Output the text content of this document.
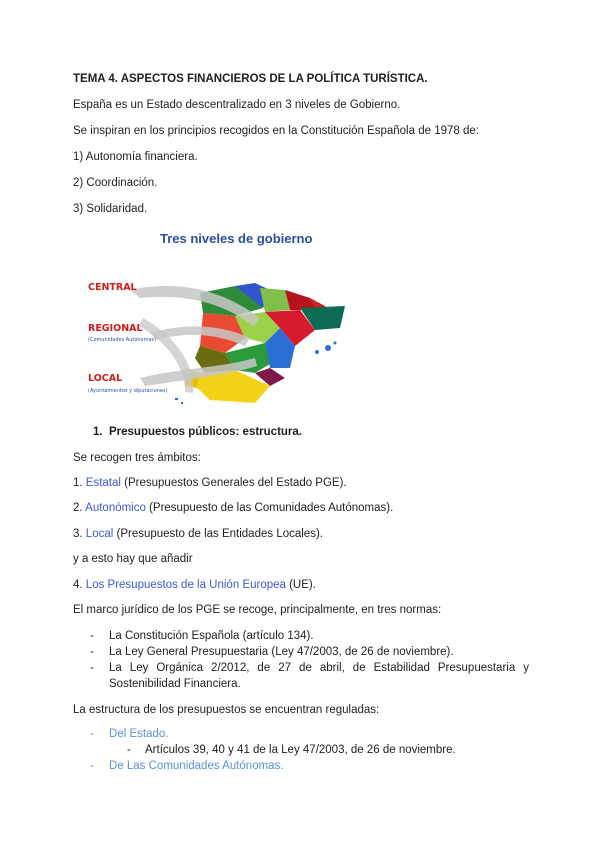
TEMA 4. ASPECTOS FINANCIEROS DE LA POLÍTICA TURÍSTICA.
España es un Estado descentralizado en 3 niveles de Gobierno.
Se inspiran en los principios recogidos en la Constitución Española de 1978 de:
1) Autonomía financiera.
2) Coordinación.
3) Solidaridad.
Tres niveles de gobierno
CENTRAL
REGIONAL
(Comunidades Autónomas)
LOCAL
(Ayuntamientos y diputaciones)
1. Presupuestos públicos: estructura.
Se recogen tres ámbitos:
1. Estatal (Presupuestos Generales del Estado PGE).
2. Autonómico (Presupuesto de las Comunidades Autónomas).
3. Local (Presupuesto de las Entidades Locales).
y a esto hay que añadir
4. Los Presupuestos de la Unión Europea (UE).
El marco jurídico de los PGE se recoge, principalmente, en tres normas:
- La Constitución Española (artículo 134).
- La Ley General Presupuestaria (Ley 47/2003, de 26 de noviembre).
- La Ley Orgánica 2/2012, de 27 de abril, de Estabilidad Presupuestaria y
Sostenibilidad Financiera.
La estructura de los presupuestos se encuentran reguladas:
- Del Estado.
- Artículos 39, 40 y 41 de la Ley 47/2003, de 26 de noviembre.
- De Las Comunidades Autónomas.
